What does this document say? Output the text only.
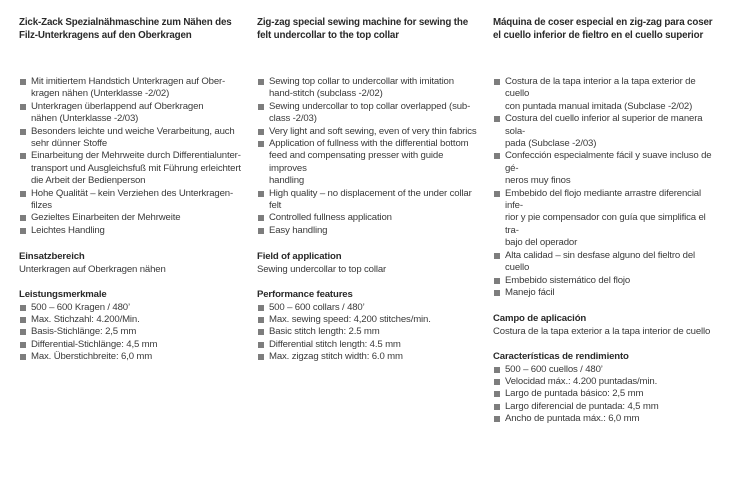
Zick-Zack Spezialnähmaschine zum Nähen des
Filz-Unterkragens auf den Oberkragen

Mit imitiertem Handstich Unterkragen auf Ober-
kragen nähen (Unterklasse -2/02)
Unterkragen überlappend auf Oberkragen
nähen (Unterklasse -2/03)
Besonders leichte und weiche Verarbeitung, auch
sehr dünner Stoffe
Einarbeitung der Mehrweite durch Differentialunter-
transport und Ausgleichsfuß mit Führung erleichtert
die Arbeit der Bedienperson
Hohe Qualität – kein Verziehen des Unterkragen-
filzes
Gezieltes Einarbeiten der Mehrweite
Leichtes Handling

Einsatzbereich

Unterkragen auf Oberkragen nähen

Leistungsmerkmale

500 – 600 Kragen / 480’
Max. Stichzahl: 4.200/Min.
Basis-Stichlänge: 2,5 mm
Differential-Stichlänge: 4,5 mm
Max. Überstichbreite: 6,0 mm

Zig-zag special sewing machine for sewing the
felt undercollar to the top collar

Sewing top collar to undercollar with imitation
hand-stitch (subclass -2/02)
Sewing undercollar to top collar overlapped (sub-
class -2/03)
Very light and soft sewing, even of very thin fabrics
Application of fullness with the differential bottom
feed and compensating presser with guide improves
handling
High quality – no displacement of the under collar
felt
Controlled fullness application
Easy handling

Field of application

Sewing undercollar to top collar

Performance features

500 – 600 collars / 480’
Max. sewing speed: 4,200 stitches/min.
Basic stitch length: 2.5 mm
Differential stitch length: 4.5 mm
Max. zigzag stitch width: 6.0 mm

Máquina de coser especial en zig-zag para coser
el cuello inferior de fieltro en el cuello superior

Costura de la tapa interior a la tapa exterior de cuello
con puntada manual imitada (Subclase -2/02)
Costura del cuello inferior al superior de manera sola-
pada (Subclase -2/03)
Confección especialmente fácil y suave incluso de gé-
neros muy finos
Embebido del flojo mediante arrastre diferencial infe-
rior y pie compensador con guía que simplifica el tra-
bajo del operador
Alta calidad – sin desfase alguno del fieltro del cuello
Embebido sistemático del flojo
Manejo fácil

Campo de aplicación

Costura de la tapa exterior a la tapa interior de cuello

Características de rendimiento

500 – 600 cuellos / 480’
Velocidad máx.: 4.200 puntadas/min.
Largo de puntada básico: 2,5 mm
Largo diferencial de puntada: 4,5 mm
Ancho de puntada máx.: 6,0 mm
